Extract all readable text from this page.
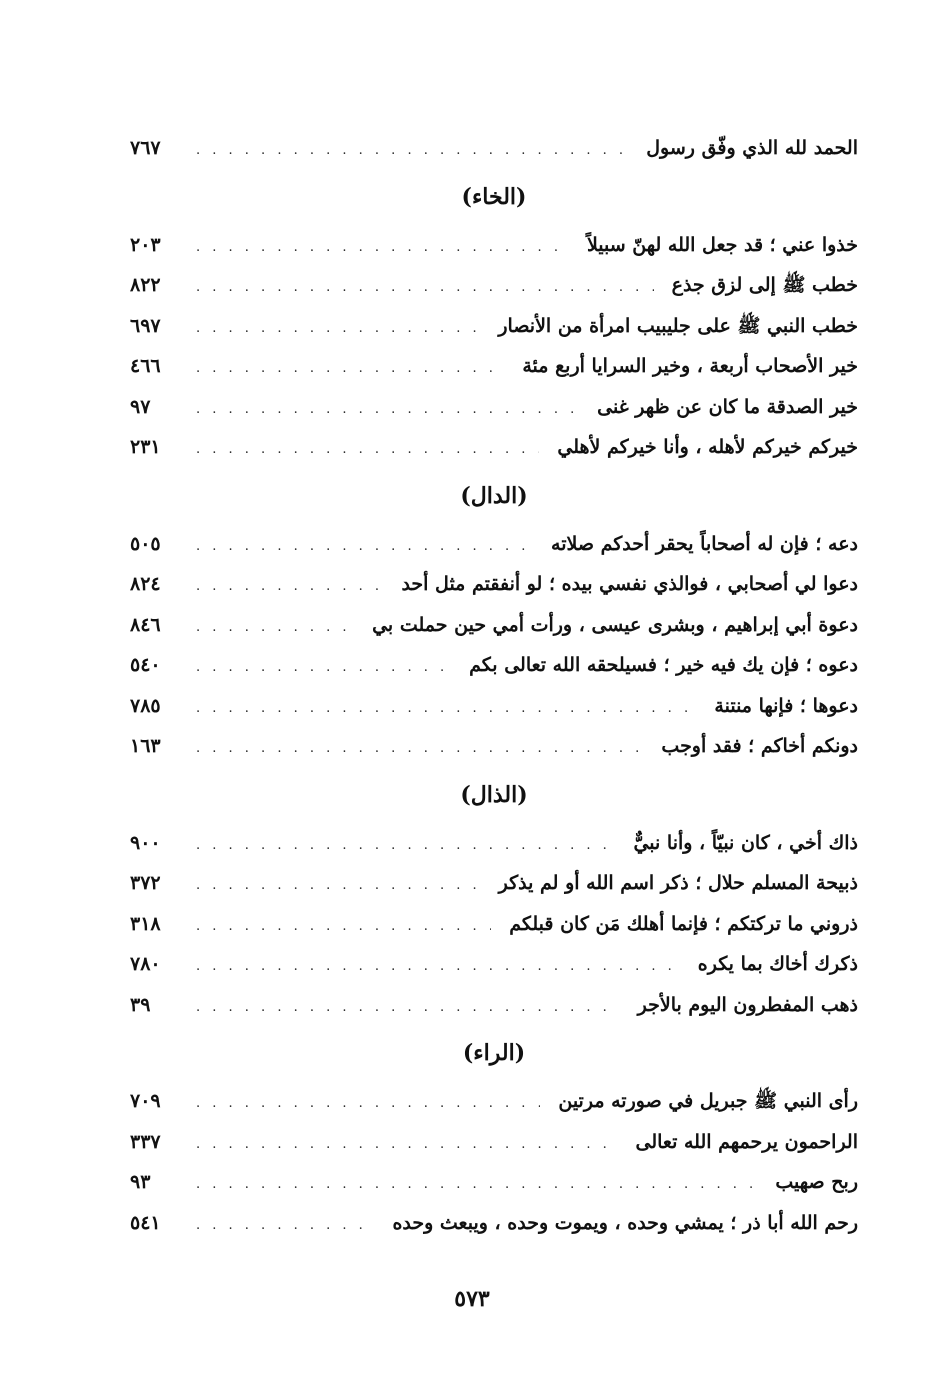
الحمد لله الذي وفّق رسول
. . .
٧٦٧
(الخاء)
خذوا عني ؛ قد جعل الله لهنّ سبيلاً
. . .
٢٠٣
خطب ﷺ إلى لزق جذع
. . .
٨٢٢
خطب النبي ﷺ على جليبيب امرأة من الأنصار
. . .
٦٩٧
خير الأصحاب أربعة ، وخير السرايا أربع مئة
. . .
٤٦٦
خير الصدقة ما كان عن ظهر غنى
. . .
٩٧
خيركم خيركم لأهله ، وأنا خيركم لأهلي
. . .
٢٣١
(الدال)
دعه ؛ فإن له أصحاباً يحقر أحدكم صلاته
. . .
٥٠٥
دعوا لي أصحابي ، فوالذي نفسي بيده ؛ لو أنفقتم مثل أحد
. . .
٨٢٤
دعوة أبي إبراهيم ، وبشرى عيسى ، ورأت أمي حين حملت بي
. . .
٨٤٦
دعوه ؛ فإن يك فيه خير ؛ فسيلحقه الله تعالى بكم
. . .
٥٤٠
دعوها ؛ فإنها منتنة
. . .
٧٨٥
دونكم أخاكم ؛ فقد أوجب
. . .
١٦٣
(الذال)
ذاك أخي ، كان نبيّاً ، وأنا نبيٌّ
. . .
٩٠٠
ذبيحة المسلم حلال ؛ ذكر اسم الله أو لم يذكر
. . .
٣٧٢
ذروني ما تركتكم ؛ فإنما أهلك مَن كان قبلكم
. . .
٣١٨
ذكرك أخاك بما يكره
. . .
٧٨٠
ذهب المفطرون اليوم بالأجر
. . .
٣٩
(الراء)
رأى النبي ﷺ جبريل في صورته مرتين
. . .
٧٠٩
الراحمون يرحمهم الله تعالى
. . .
٣٣٧
ربح صهيب
. . .
٩٣
رحم الله أبا ذر ؛ يمشي وحده ، ويموت وحده ، ويبعث وحده
. . .
٥٤١
٥٧٣
